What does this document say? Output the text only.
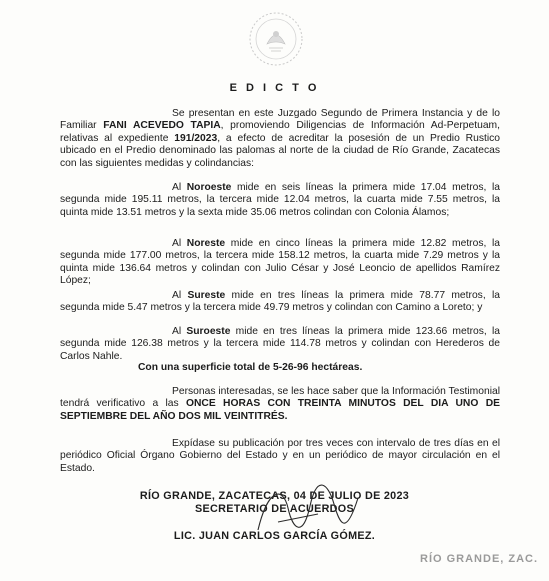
E D I C T O
Se presentan en este Juzgado Segundo de Primera Instancia y de lo Familiar FANI ACEVEDO TAPIA, promoviendo Diligencias de Información Ad-Perpetuam, relativas al expediente 191/2023, a efecto de acreditar la posesión de un Predio Rustico ubicado en el Predio denominado las palomas al norte de la ciudad de Río Grande, Zacatecas con las siguientes medidas y colindancias:
Al Noroeste mide en seis líneas la primera mide 17.04 metros, la segunda mide 195.11 metros, la tercera mide 12.04 metros, la cuarta mide 7.55 metros, la quinta mide 13.51 metros y la sexta mide 35.06 metros colindan con Colonia Álamos;
Al Noreste mide en cinco líneas la primera mide 12.82 metros, la segunda mide 177.00 metros, la tercera mide 158.12 metros, la cuarta mide 7.29 metros y la quinta mide 136.64 metros y colindan con Julio César y José Leoncio de apellidos Ramírez López;
Al Sureste mide en tres líneas la primera mide 78.77 metros, la segunda mide 5.47 metros y la tercera mide 49.79 metros y colindan con Camino a Loreto; y
Al Suroeste mide en tres líneas la primera mide 123.66 metros, la segunda mide 126.38 metros y la tercera mide 114.78 metros y colindan con Herederos de Carlos Nahle.
Con una superficie total de 5-26-96 hectáreas.
Personas interesadas, se les hace saber que la Información Testimonial tendrá verificativo a las ONCE HORAS CON TREINTA MINUTOS DEL DIA UNO DE SEPTIEMBRE DEL AÑO DOS MIL VEINTITRÉS.
Expídase su publicación por tres veces con intervalo de tres días en el periódico Oficial Órgano Gobierno del Estado y en un periódico de mayor circulación en el Estado.
RÍO GRANDE, ZACATECAS, 04 DE JULIO DE 2023
SECRETARIO DE ACUERDOS
LIC. JUAN CARLOS GARCÍA GÓMEZ.
RÍO GRANDE, ZAC.
